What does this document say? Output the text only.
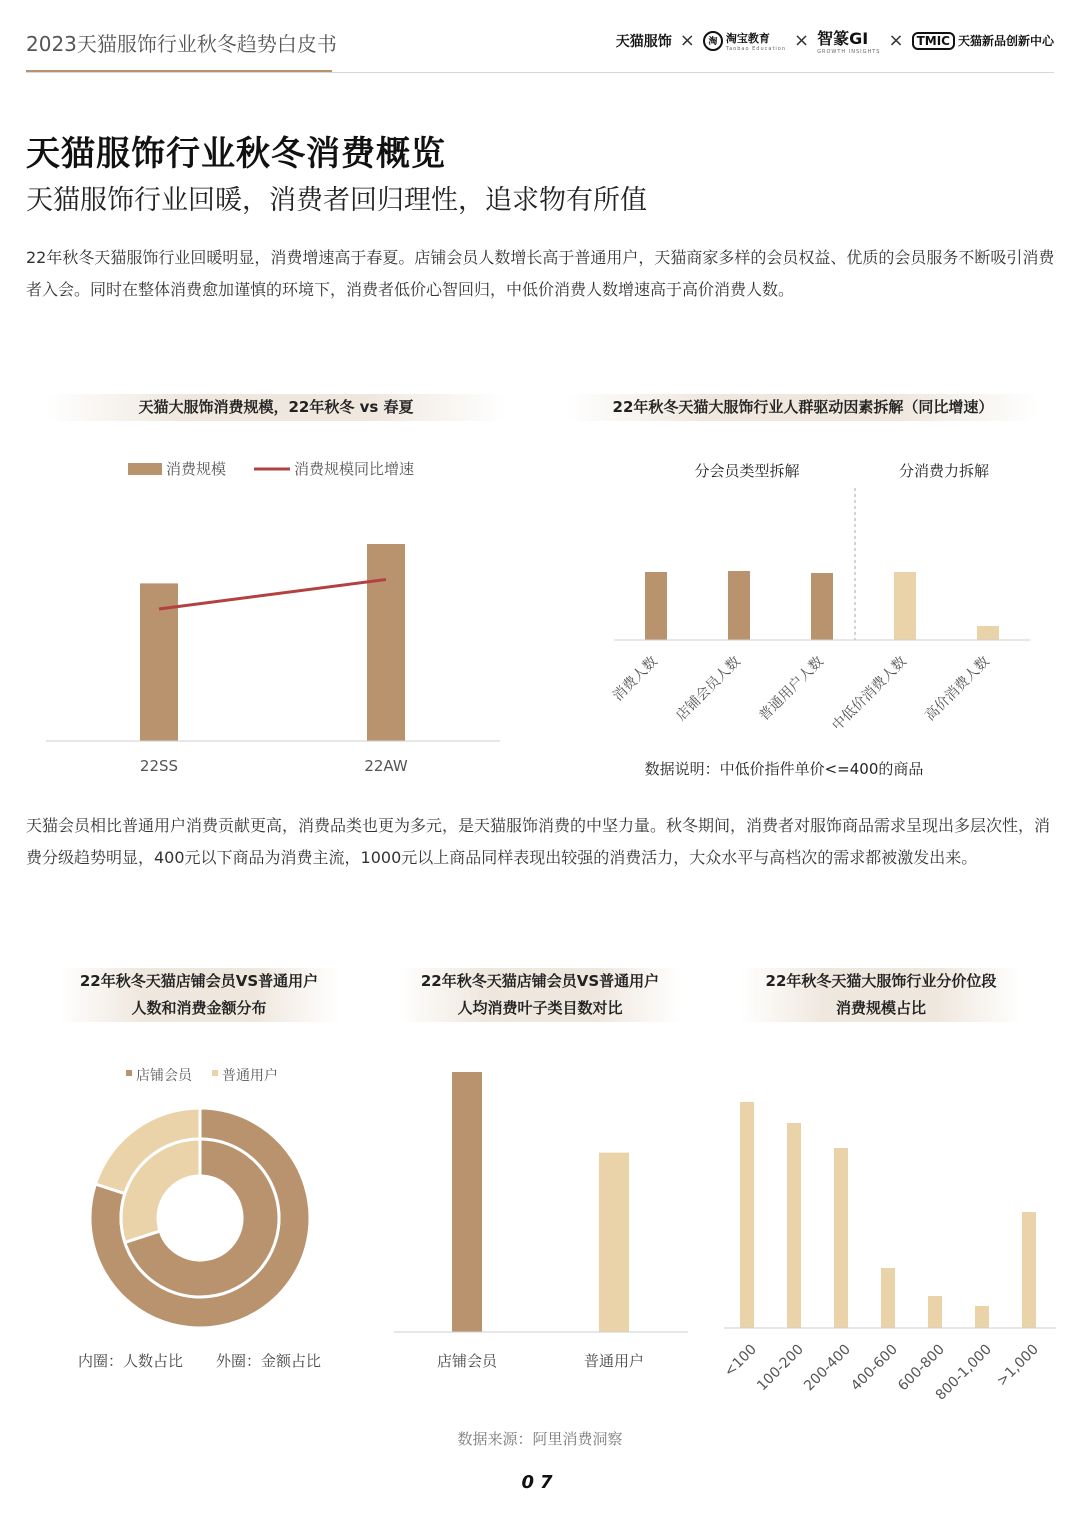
2023天猫服饰行业秋冬趋势白皮书	天猫服饰 ×	淘 淘宝教育
Taobao Education × 智篆GI
GROWTH INSIGHTS
×	TMIC 天猫新品创新中心
天猫服饰行业秋冬消费概览
天猫服饰行业回暖，消费者回归理性，追求物有所值
22年秋冬天猫服饰行业回暖明显，消费增速高于春夏。店铺会员人数增长高于普通用户，天猫商家多样的会员权益、优质的会员服务不断吸引消费者入会。同时在整体消费愈加谨慎的环境下，消费者低价心智回归，中低价消费人数增速高于高价消费人数。
天猫大服饰消费规模，22年秋冬 vs 春夏
消费规模	消费规模同比增速
22SS	22AW
22年秋冬天猫大服饰行业人群驱动因素拆解（同比增速）
分会员类型拆解	分消费力拆解
消费人数 店铺会员人数 普通用户人数 中低价消费人数 高价消费人数
数据说明：中低价指件单价<=400的商品
天猫会员相比普通用户消费贡献更高，消费品类也更为多元，是天猫服饰消费的中坚力量。秋冬期间，消费者对服饰商品需求呈现出多层次性，消费分级趋势明显，400元以下商品为消费主流，1000元以上商品同样表现出较强的消费活力，大众水平与高档次的需求都被激发出来。
22年秋冬天猫店铺会员VS普通用户
人数和消费金额分布
店铺会员 普通用户
内圈：人数占比 外圈：金额占比
22年秋冬天猫店铺会员VS普通用户
人均消费叶子类目数对比
店铺会员	普通用户
22年秋冬天猫大服饰行业分价位段
消费规模占比
<100
100-200
200-400
400-600
600-800
800-1,000 >1,000
数据来源：阿里消费洞察
07
